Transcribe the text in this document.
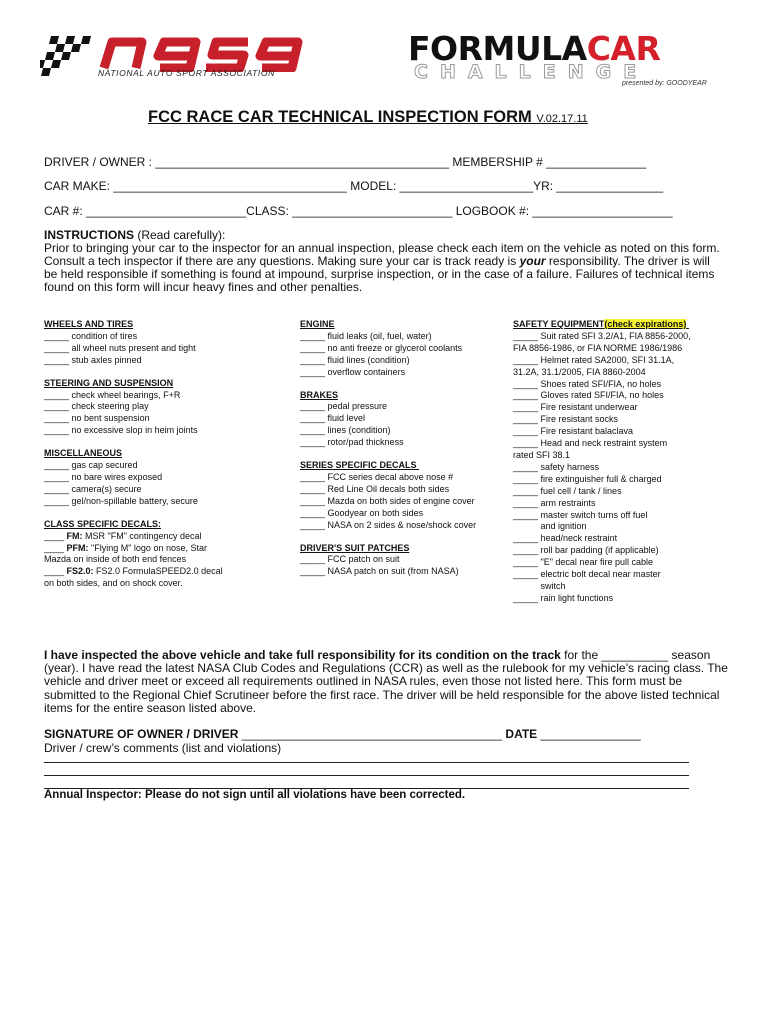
NATIONAL AUTO SPORT ASSOCIATION
FORMULACAR
CHALLENGE
presented by: GOODYEAR
FCC RACE CAR TECHNICAL INSPECTION FORM V.02.17.11
DRIVER / OWNER : ____________________________________________ MEMBERSHIP # _______________
CAR MAKE: ___________________________________ MODEL: ____________________YR: ________________
CAR #: ________________________CLASS: ________________________ LOGBOOK #: _____________________
INSTRUCTIONS (Read carefully):
Prior to bringing your car to the inspector for an annual inspection, please check each item on the vehicle as noted on this form. Consult a tech inspector if there are any questions. Making sure your car is track ready is your responsibility. The driver is will be held responsible if something is found at impound, surprise inspection, or in the case of a failure. Failures of technical items found on this form will incur heavy fines and other penalties.
WHEELS AND TIRES
_____ condition of tires
_____ all wheel nuts present and tight
_____ stub axles pinned
STEERING AND SUSPENSION
_____ check wheel bearings, F+R
_____ check steering play
_____ no bent suspension
_____ no excessive slop in heim joints
MISCELLANEOUS
_____ gas cap secured
_____ no bare wires exposed
_____ camera(s) secure
_____ gel/non-spillable battery, secure
CLASS SPECIFIC DECALS:
____ FM: MSR "FM" contingency decal
____ PFM: "Flying M" logo on nose, Star
Mazda on inside of both end fences
____ FS2.0: FS2.0 FormulaSPEED2.0 decal
on both sides, and on shock cover.
ENGINE
_____ fluid leaks (oil, fuel, water)
_____ no anti freeze or glycerol coolants
_____ fluid lines (condition)
_____ overflow containers
BRAKES
_____ pedal pressure
_____ fluid level
_____ lines (condition)
_____ rotor/pad thickness
SERIES SPECIFIC DECALS
_____ FCC series decal above nose #
_____ Red Line Oil decals both sides
_____ Mazda on both sides of engine cover
_____ Goodyear on both sides
_____ NASA on 2 sides & nose/shock cover
DRIVER'S SUIT PATCHES
_____ FCC patch on suit
_____ NASA patch on suit (from NASA)
SAFETY EQUIPMENT(check expirations)
_____ Suit rated SFI 3.2/A1, FIA 8856-2000,
FIA 8856-1986, or FIA NORME 1986/1986
_____ Helmet rated SA2000, SFI 31.1A,
31.2A, 31.1/2005, FIA 8860-2004
_____ Shoes rated SFI/FIA, no holes
_____ Gloves rated SFI/FIA, no holes
_____ Fire resistant underwear
_____ Fire resistant socks
_____ Fire resistant balaclava
_____ Head and neck restraint system
rated SFI 38.1
_____ safety harness
_____ fire extinguisher full & charged
_____ fuel cell / tank / lines
_____ arm restraints
_____ master switch turns off fuel
and ignition
_____ head/neck restraint
_____ roll bar padding (if applicable)
_____ "E" decal near fire pull cable
_____ electric bolt decal near master
switch
_____ rain light functions
I have inspected the above vehicle and take full responsibility for its condition on the track for the __________ season (year). I have read the latest NASA Club Codes and Regulations (CCR) as well as the rulebook for my vehicle’s racing class. The vehicle and driver meet or exceed all requirements outlined in NASA rules, even those not listed here. This form must be submitted to the Regional Chief Scrutineer before the first race. The driver will be held responsible for the above listed technical items for the entire season listed above.
SIGNATURE OF OWNER / DRIVER _______________________________________ DATE _______________
Driver / crew’s comments (list and violations)
Annual Inspector: Please do not sign until all violations have been corrected.
